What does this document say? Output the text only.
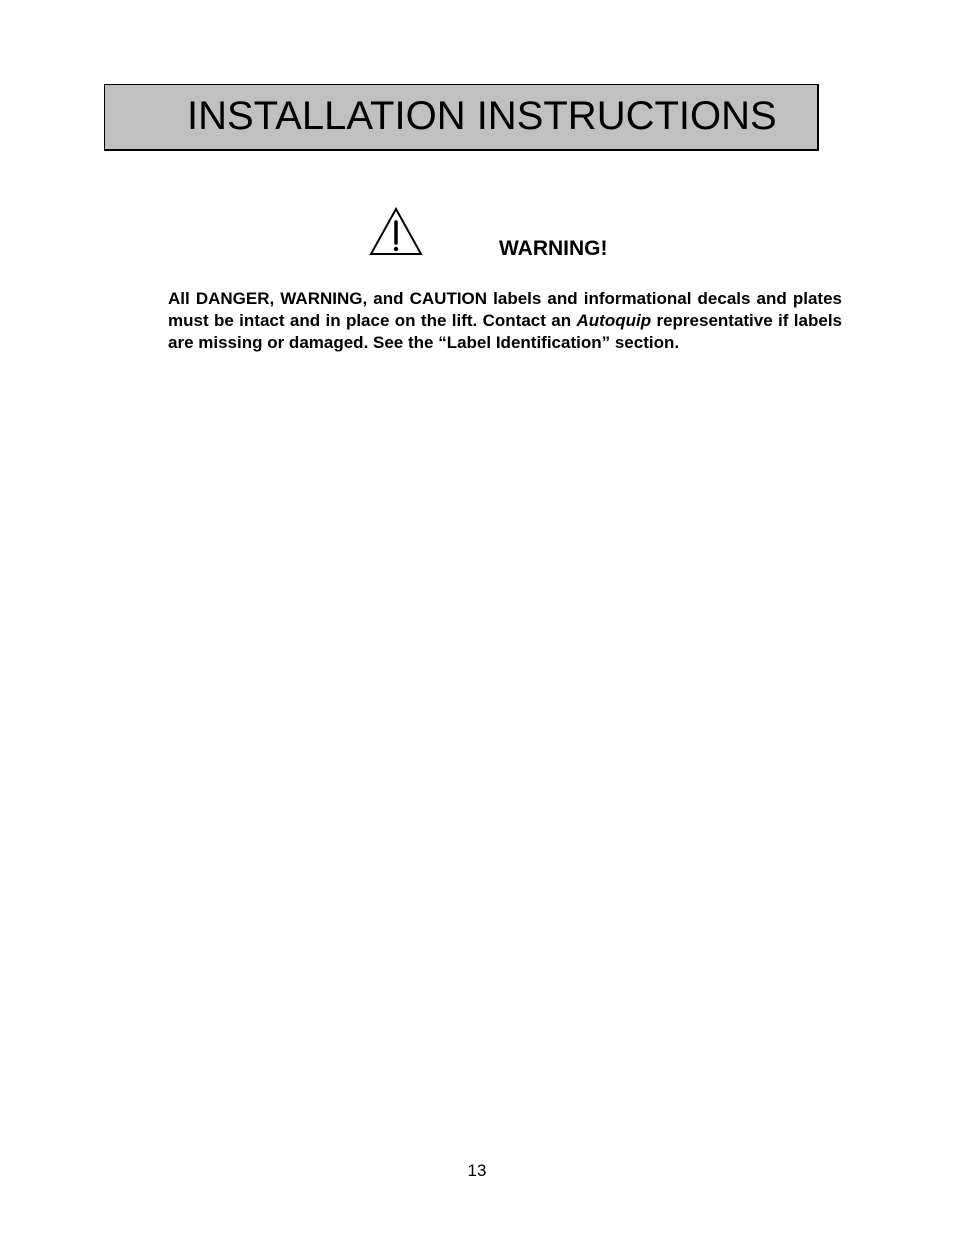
INSTALLATION INSTRUCTIONS
WARNING!

All DANGER, WARNING, and CAUTION labels and informational decals and plates must be intact and in place on the lift. Contact an Autoquip representative if labels are missing or damaged. See the “Label Identification” section.

13
